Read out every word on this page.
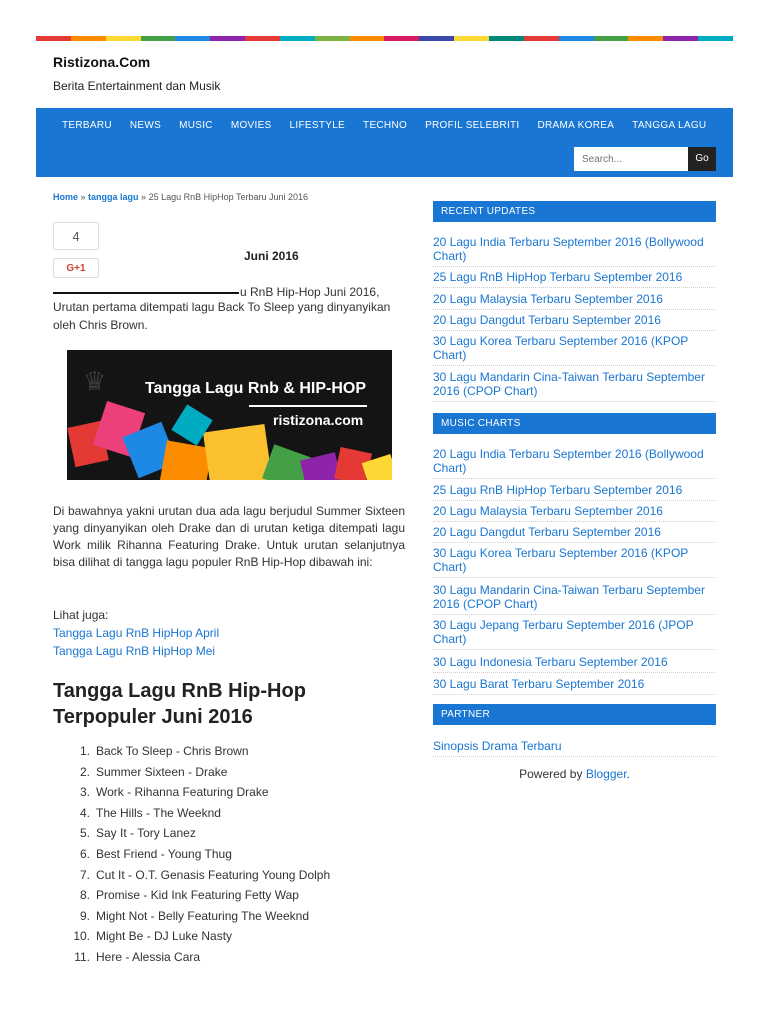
Ristizona.Com
Berita Entertainment dan Musik
TERBARU NEWS MUSIC MOVIES LIFESTYLE TECHNO PROFIL SELEBRITI DRAMA KOREA TANGGA LAGU
Search...
Go
Home » tangga lagu » 25 Lagu RnB HipHop Terbaru Juni 2016
4
G+1
Juni 2016
u RnB Hip-Hop Juni 2016,
Urutan pertama ditempati lagu Back To Sleep yang dinyanyikan
oleh Chris Brown.
♛ Tangga Lagu Rnb & HIP-HOP
ristizona.com
Di bawahnya yakni urutan dua ada lagu berjudul Summer Sixteen yang dinyanyikan oleh Drake dan di urutan ketiga ditempati lagu Work milik Rihanna Featuring Drake. Untuk urutan selanjutnya bisa dilihat di tangga lagu populer RnB Hip-Hop dibawah ini:
Lihat juga:
Tangga Lagu RnB HipHop April
Tangga Lagu RnB HipHop Mei
Tangga Lagu RnB Hip-Hop Terpopuler Juni 2016
1. Back To Sleep - Chris Brown
2. Summer Sixteen - Drake
3. Work - Rihanna Featuring Drake
4. The Hills - The Weeknd
5. Say It - Tory Lanez
6. Best Friend - Young Thug
7. Cut It - O.T. Genasis Featuring Young Dolph
8. Promise - Kid Ink Featuring Fetty Wap
9. Might Not - Belly Featuring The Weeknd
10. Might Be - DJ Luke Nasty
11. Here - Alessia Cara
RECENT UPDATES
20 Lagu India Terbaru September 2016 (Bollywood Chart)
25 Lagu RnB HipHop Terbaru September 2016
20 Lagu Malaysia Terbaru September 2016
20 Lagu Dangdut Terbaru September 2016
30 Lagu Korea Terbaru September 2016 (KPOP Chart)
30 Lagu Mandarin Cina-Taiwan Terbaru September 2016 (CPOP Chart)
MUSIC CHARTS
20 Lagu India Terbaru September 2016 (Bollywood Chart)
25 Lagu RnB HipHop Terbaru September 2016
20 Lagu Malaysia Terbaru September 2016
20 Lagu Dangdut Terbaru September 2016
30 Lagu Korea Terbaru September 2016 (KPOP Chart)
30 Lagu Mandarin Cina-Taiwan Terbaru September 2016 (CPOP Chart)
30 Lagu Jepang Terbaru September 2016 (JPOP Chart)
30 Lagu Indonesia Terbaru September 2016
30 Lagu Barat Terbaru September 2016
PARTNER
Sinopsis Drama Terbaru
Powered by Blogger.
